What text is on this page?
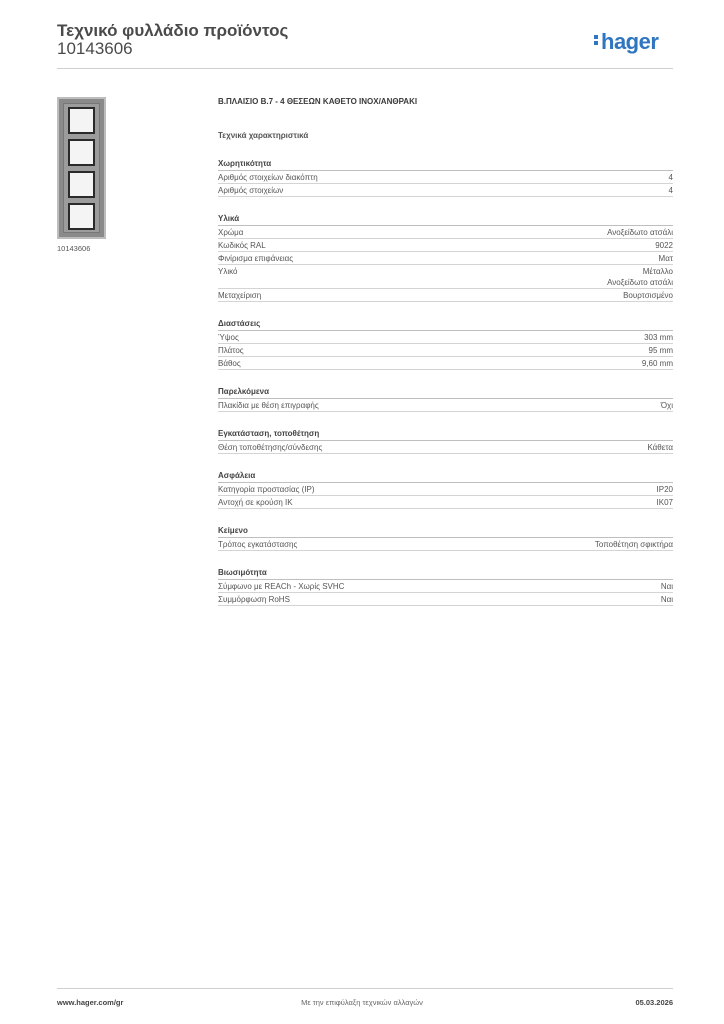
Τεχνικό φυλλάδιο προϊόντος
10143606	hager
10143606
Β.ΠΛΑΙΣΙΟ Β.7 - 4 ΘΕΣΕΩΝ ΚΑΘΕΤΟ INOX/ΑΝΘΡΑΚΙ
Τεχνικά χαρακτηριστικά
Χωρητικότητα
Αριθμός στοιχείων διακόπτη	4
Αριθμός στοιχείων	4
Υλικά
Χρώμα	Ανοξείδωτο ατσάλι
Κωδικός RAL	9022
Φινίρισμα επιφάνειας	Ματ
Υλικό	Μέταλλο
Ανοξείδωτο ατσάλι
Μεταχείριση	Βουρτσισμένο
Διαστάσεις
Ύψος	303 mm
Πλάτος	95 mm
Βάθος	9,60 mm
Παρελκόμενα
Πλακίδια με θέση επιγραφής	Όχι
Εγκατάσταση, τοποθέτηση
Θέση τοποθέτησης/σύνδεσης	Κάθετα
Ασφάλεια
Κατηγορία προστασίας (IP)	IP20
Αντοχή σε κρούση IK	IK07
Κείμενο
Τρόπος εγκατάστασης	Τοποθέτηση σφικτήρα
Βιωσιμότητα
Σύμφωνο με REACh - Χωρίς SVHC	Ναι
Συμμόρφωση RoHS	Ναι
www.hager.com/gr	Με την επιφύλαξη τεχνικών αλλαγών	05.03.2026
